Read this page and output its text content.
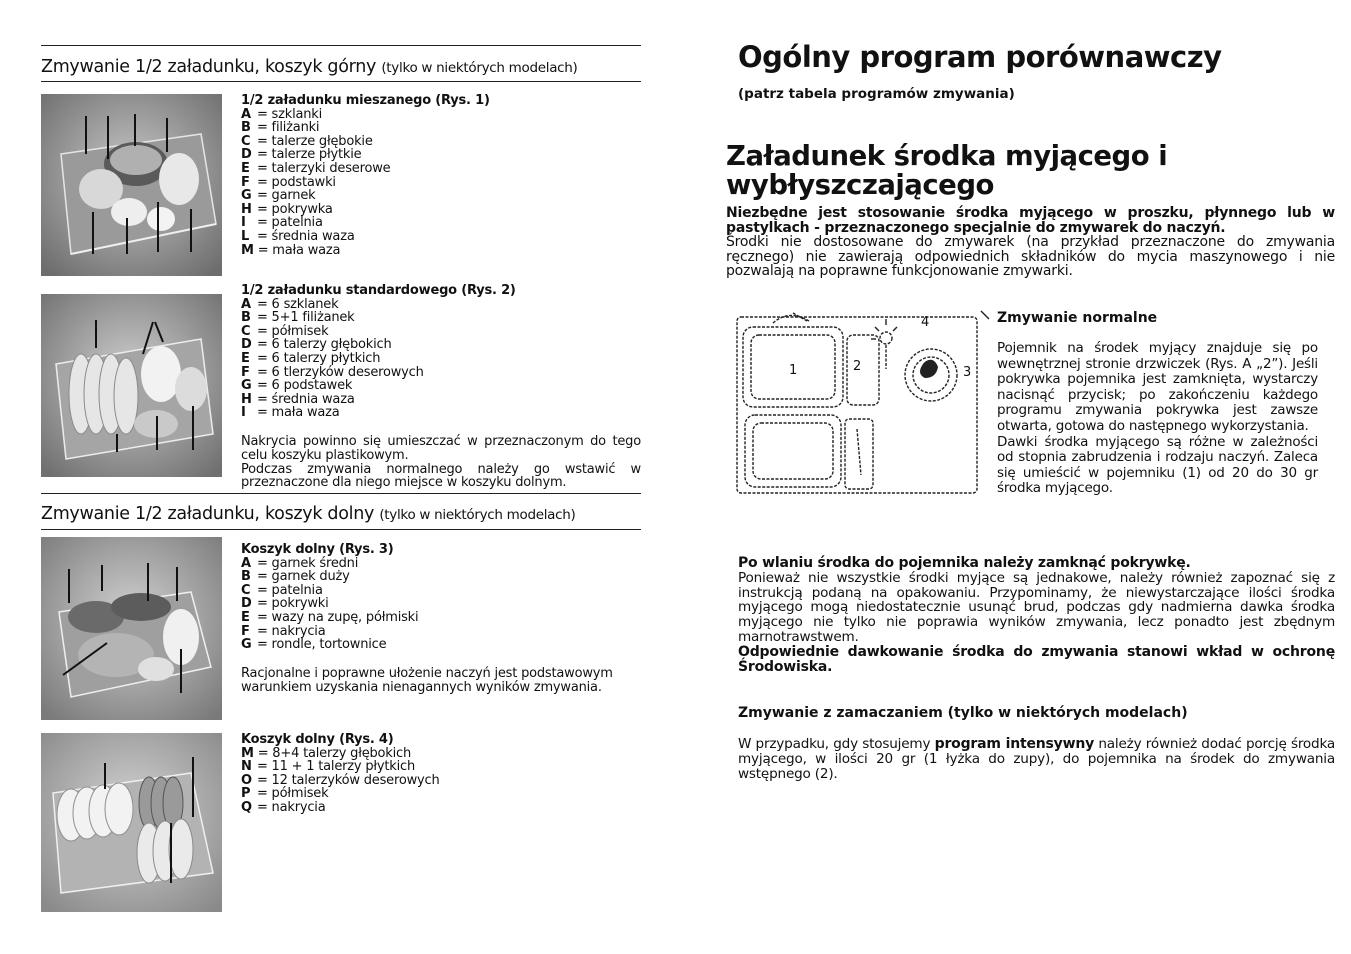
Zmywanie 1/2 załadunku, koszyk górny (tylko w niektórych modelach)
1/2 załadunku mieszanego (Rys. 1)
A = szklanki
B = filiżanki
C = talerze głębokie
D = talerze płytkie
E = talerzyki deserowe
F = podstawki
G = garnek
H = pokrywka
I = patelnia
L = średnia waza
M = mała waza
1/2 załadunku standardowego (Rys. 2)
A = 6 szklanek
B = 5+1 filiżanek
C = półmisek
D = 6 talerzy głębokich
E = 6 talerzy płytkich
F = 6 tlerzyków deserowych
G = 6 podstawek
H = średnia waza
I = mała waza
Nakrycia powinno się umieszczać w przeznaczonym do tego celu koszyku plastikowym.
Podczas zmywania normalnego należy go wstawić w przeznaczone dla niego miejsce w koszyku dolnym.
Zmywanie 1/2 załadunku, koszyk dolny (tylko w niektórych modelach)
Koszyk dolny (Rys. 3)
A = garnek średni
B = garnek duży
C = patelnia
D = pokrywki
E = wazy na zupę, półmiski
F = nakrycia
G = rondle, tortownice
Racjonalne i poprawne ułożenie naczyń jest podstawowym warunkiem uzyskania nienagannych wyników zmywania.
Koszyk dolny (Rys. 4)
M = 8+4 talerzy głębokich
N = 11 + 1 talerzy płytkich
O = 12 talerzyków deserowych
P = półmisek
Q = nakrycia
Ogólny program porównawczy
(patrz tabela programów zmywania)
Załadunek środka myjącego i
wybłyszczającego
Niezbędne jest stosowanie środka myjącego w proszku, płynnego lub w pastylkach - przeznaczonego specjalnie do zmywarek do naczyń.
Środki nie dostosowane do zmywarek (na przykład przeznaczone do zmywania ręcznego) nie zawierają odpowiednich składników do mycia maszynowego i nie pozwalają na poprawne funkcjonowanie zmywarki.
2	3
4
1
Zmywanie normalne
Pojemnik na środek myjący znajduje się po wewnętrznej stronie drzwiczek (Rys. A „2”). Jeśli pokrywka pojemnika jest zamknięta, wystarczy nacisnąć przycisk; po zakończeniu każdego programu zmywania pokrywka jest zawsze otwarta, gotowa do następnego wykorzystania.
Dawki środka myjącego są różne w zależności od stopnia zabrudzenia i rodzaju naczyń. Zaleca się umieścić w pojemniku (1) od 20 do 30 gr środka myjącego.
Po wlaniu środka do pojemnika należy zamknąć pokrywkę.
Ponieważ nie wszystkie środki myjące są jednakowe, należy również zapoznać się z instrukcją podaną na opakowaniu. Przypominamy, że niewystarczające ilości środka myjącego mogą niedostatecznie usunąć brud, podczas gdy nadmierna dawka środka myjącego nie tylko nie poprawia wyników zmywania, lecz ponadto jest zbędnym marnotrawstwem.
Odpowiednie dawkowanie środka do zmywania stanowi wkład w ochronę Środowiska.
Zmywanie z zamaczaniem (tylko w niektórych modelach)
W przypadku, gdy stosujemy program intensywny należy również dodać porcję środka myjącego, w ilości 20 gr (1 łyżka do zupy), do pojemnika na środek do zmywania wstępnego (2).
